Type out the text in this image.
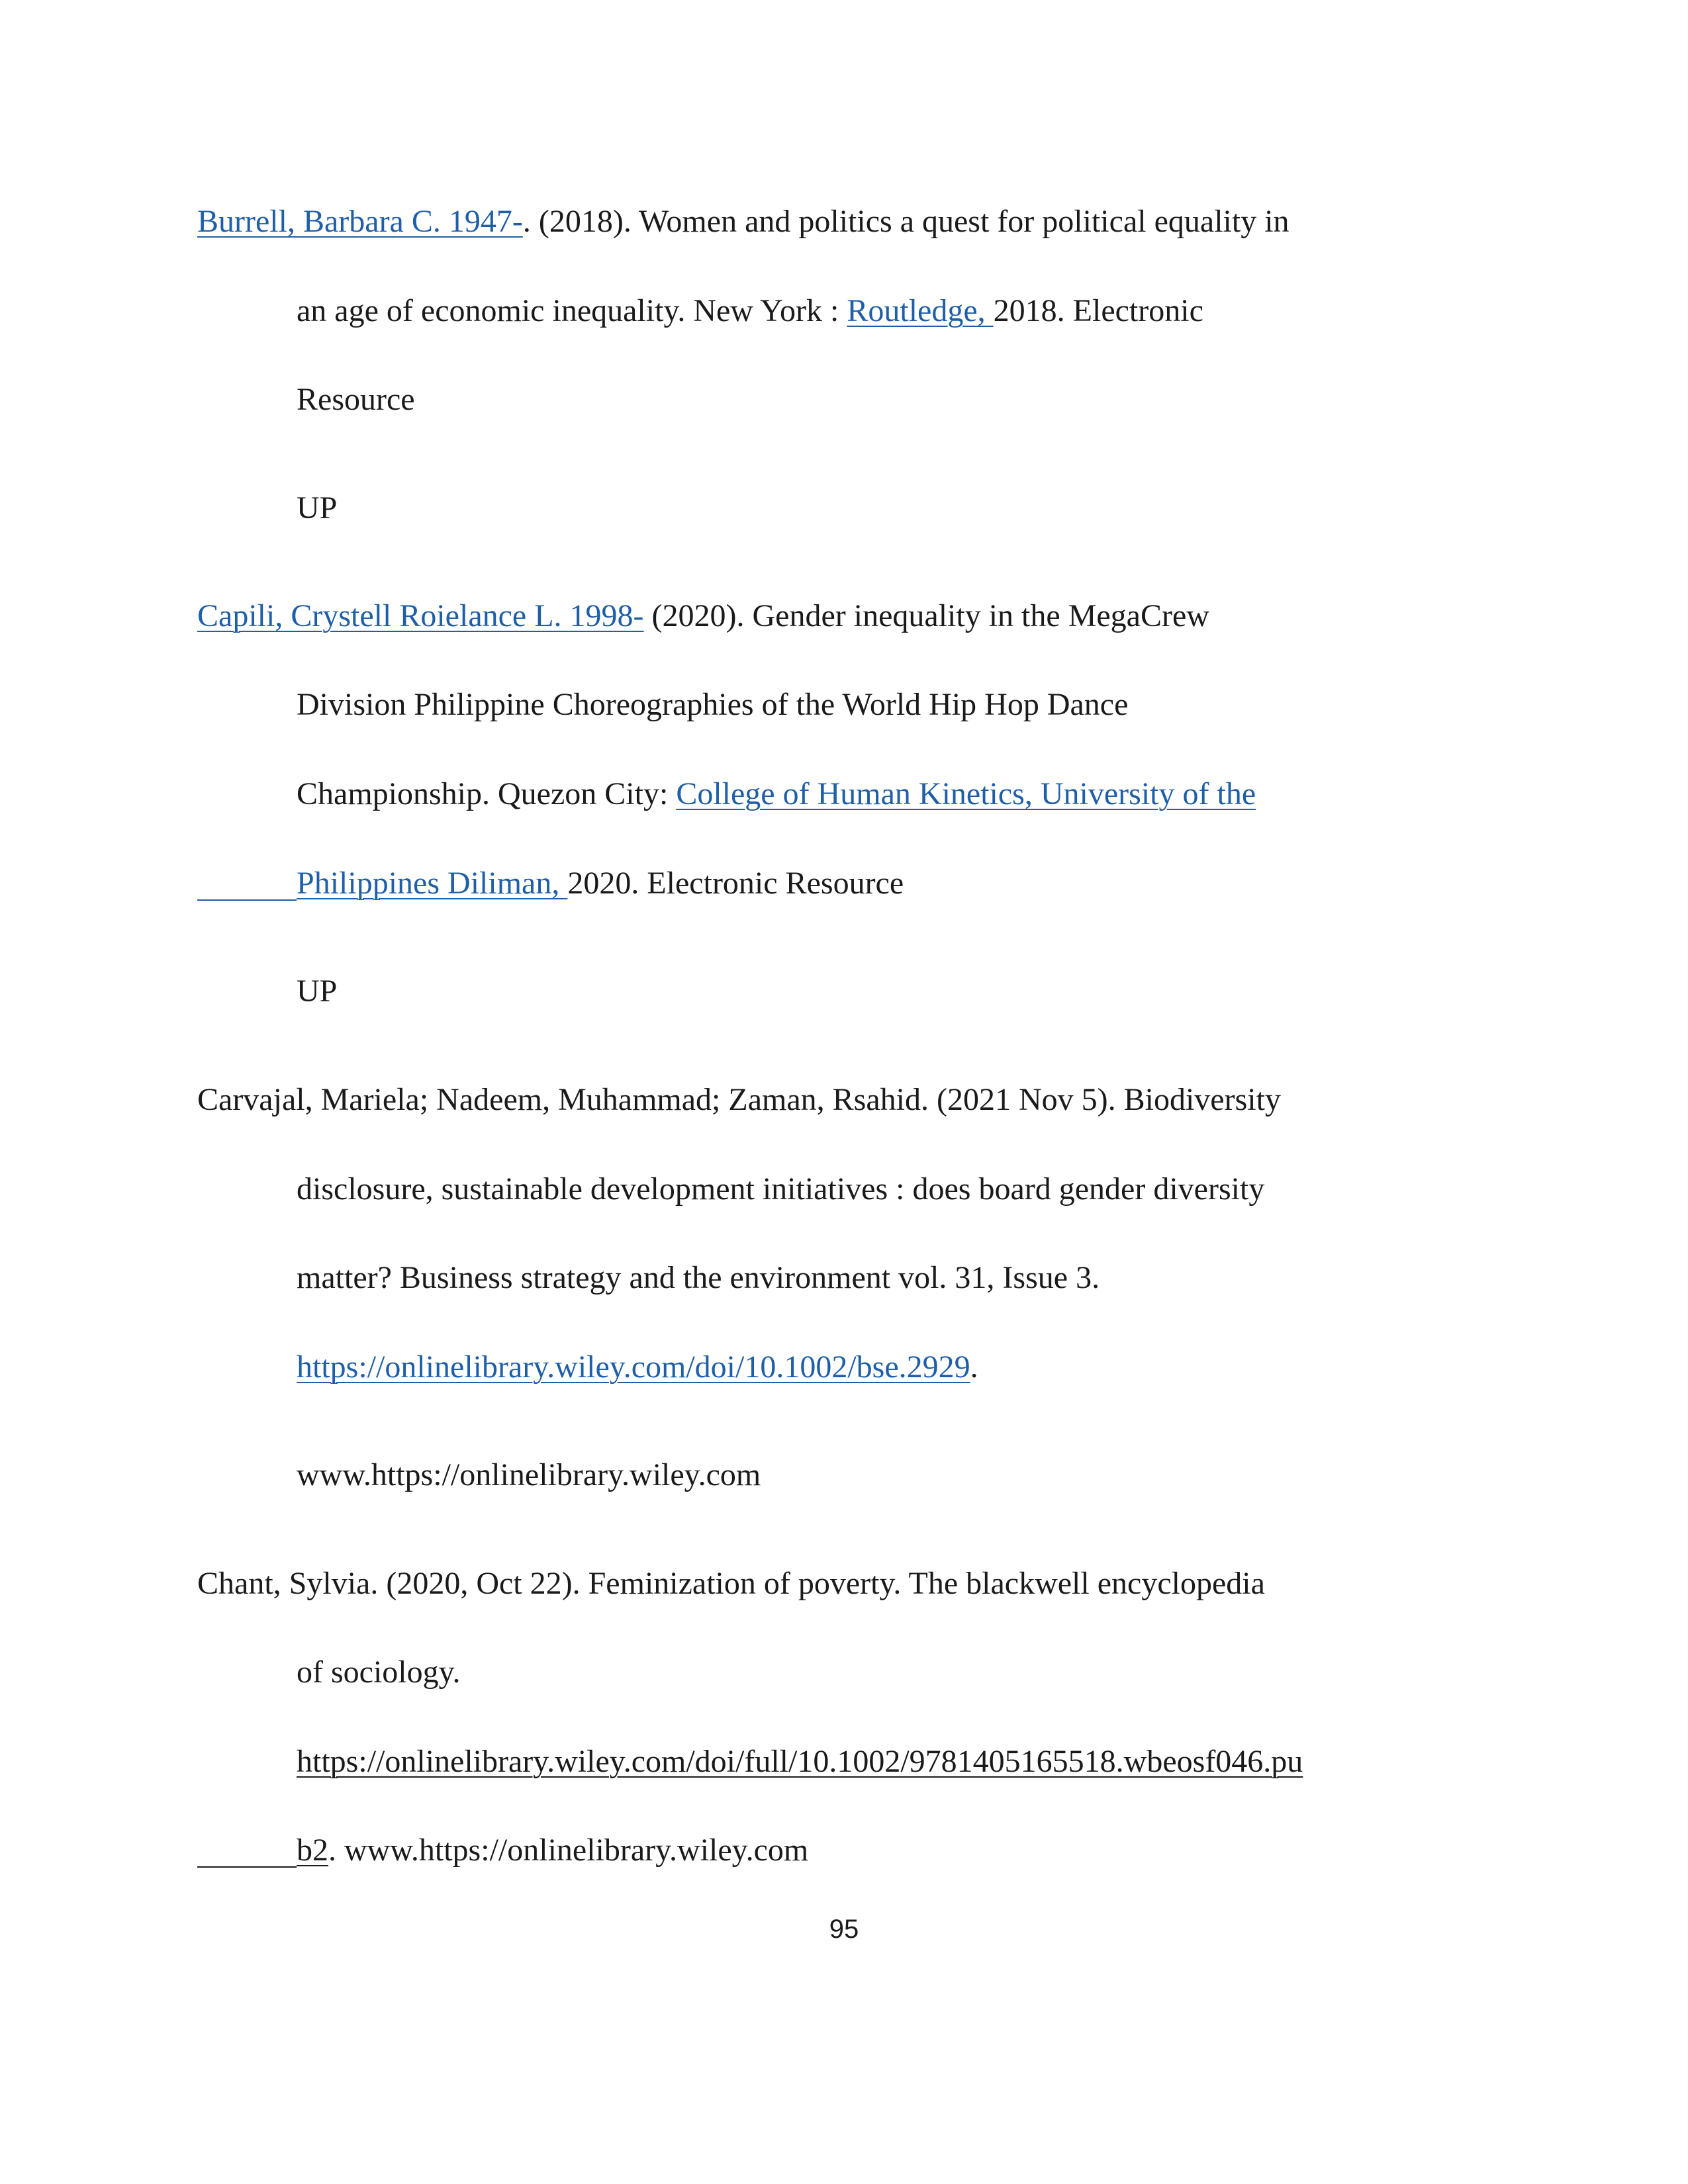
Burrell, Barbara C. 1947-. (2018). Women and politics a quest for political equality in
an age of economic inequality. New York : Routledge, 2018. Electronic
Resource
UP
Capili, Crystell Roielance L. 1998- (2020). Gender inequality in the MegaCrew
Division Philippine Choreographies of the World Hip Hop Dance
Championship. Quezon City: College of Human Kinetics, University of the
Philippines Diliman, 2020. Electronic Resource
UP
Carvajal, Mariela; Nadeem, Muhammad; Zaman, Rsahid. (2021 Nov 5). Biodiversity
disclosure, sustainable development initiatives : does board gender diversity
matter? Business strategy and the environment vol. 31, Issue 3.
https://onlinelibrary.wiley.com/doi/10.1002/bse.2929.
www.https://onlinelibrary.wiley.com
Chant, Sylvia. (2020, Oct 22). Feminization of poverty. The blackwell encyclopedia
of sociology.
https://onlinelibrary.wiley.com/doi/full/10.1002/9781405165518.wbeosf046.pu
b2. www.https://onlinelibrary.wiley.com
95
